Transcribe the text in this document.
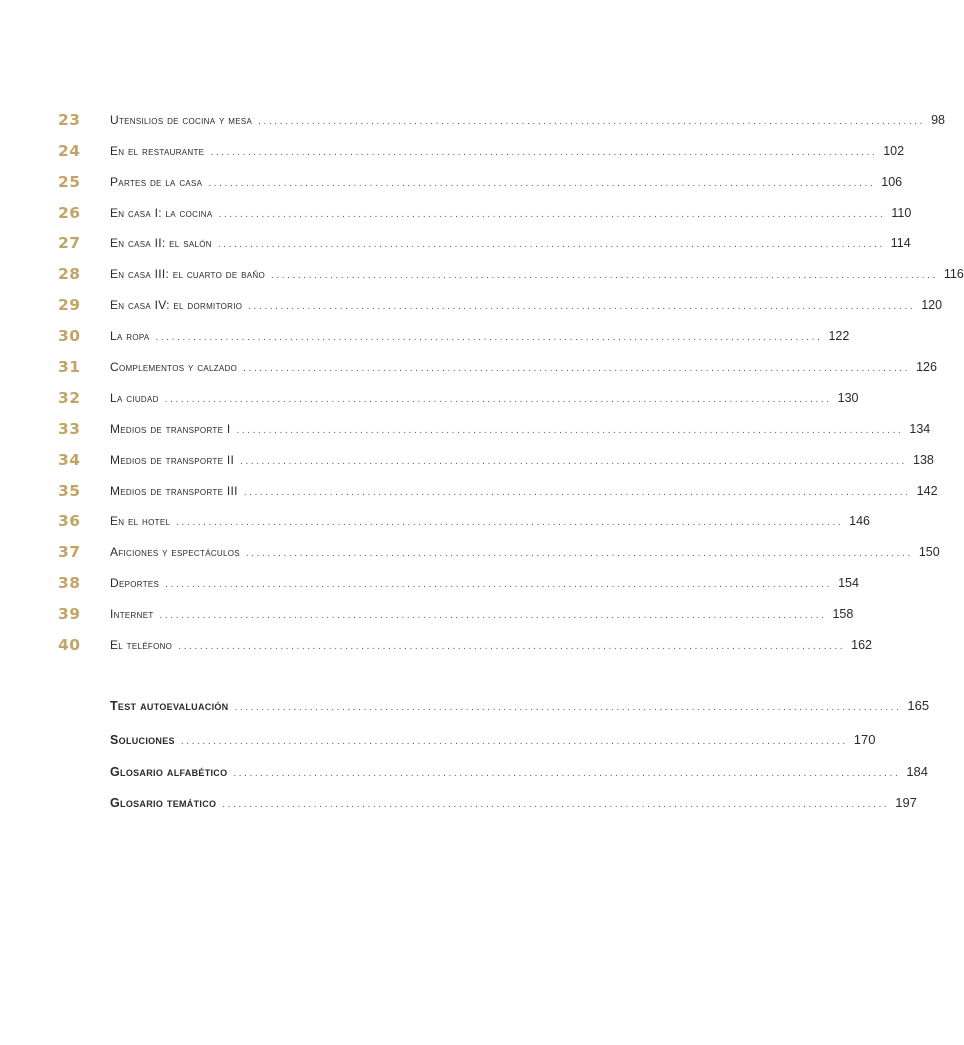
23	Utensilios de cocina y mesa ............................................................................................................................ 98
24	En el restaurante ............................................................................................................................ 102
25	Partes de la casa ............................................................................................................................ 106
26	En casa I: la cocina ............................................................................................................................ 110
27	En casa II: el salón ............................................................................................................................ 114
28	En casa III: el cuarto de baño ............................................................................................................................ 116
29	En casa IV: el dormitorio ............................................................................................................................ 120
30	La ropa ............................................................................................................................ 122
31	Complementos y calzado ............................................................................................................................ 126
32	La ciudad ............................................................................................................................ 130
33	Medios de transporte I ............................................................................................................................ 134
34	Medios de transporte II ............................................................................................................................ 138
35	Medios de transporte III ............................................................................................................................ 142
36	En el hotel ............................................................................................................................ 146
37	Aficiones y espectáculos ............................................................................................................................ 150
38	Deportes ............................................................................................................................ 154
39	Internet ............................................................................................................................ 158
40	El teléfono ............................................................................................................................ 162
Test autoevaluación ............................................................................................................................ 165
Soluciones ............................................................................................................................ 170
Glosario alfabético ............................................................................................................................ 184
Glosario temático ............................................................................................................................ 197
